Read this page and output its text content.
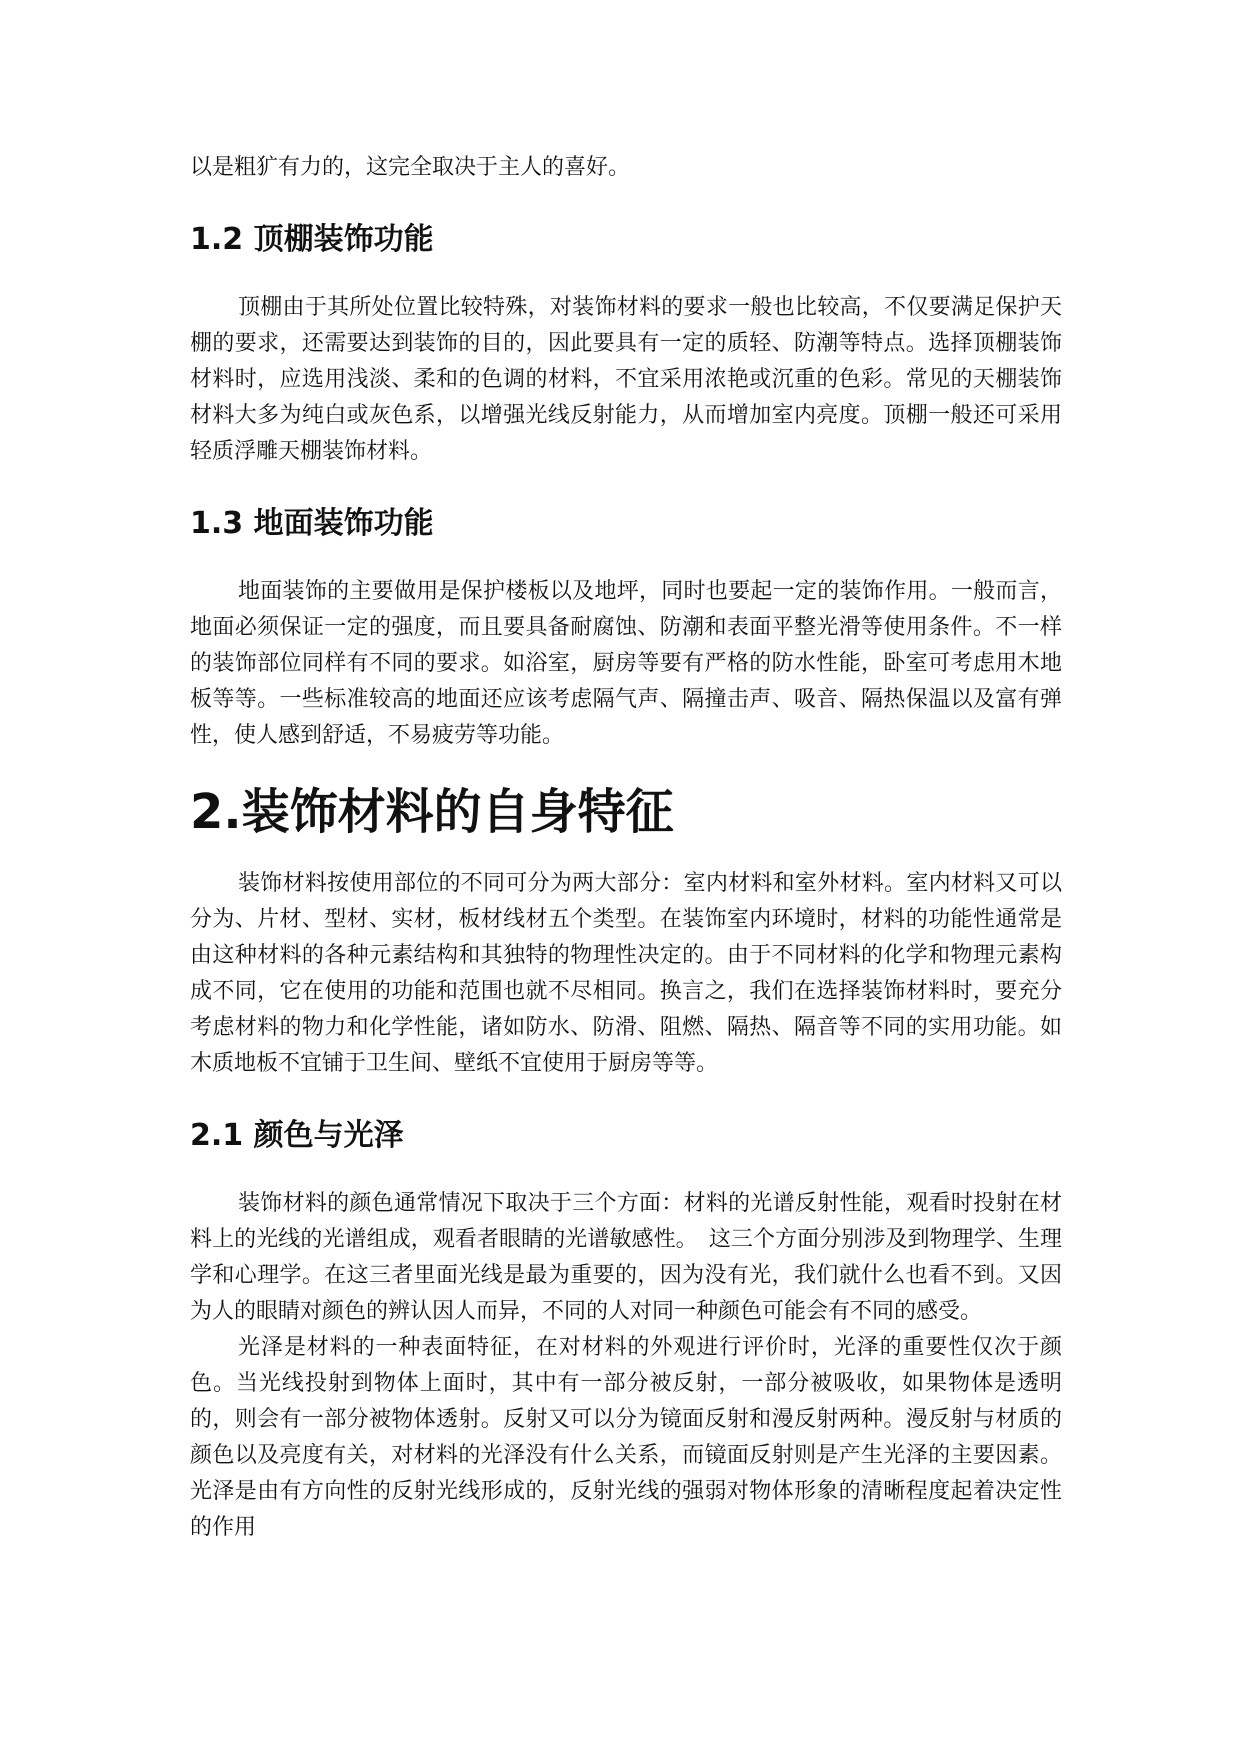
以是粗犷有力的，这完全取决于主人的喜好。

1.2 顶棚装饰功能

顶棚由于其所处位置比较特殊，对装饰材料的要求一般也比较高，不仅要满足保护天棚的要求，还需要达到装饰的目的，因此要具有一定的质轻、防潮等特点。选择顶棚装饰材料时，应选用浅淡、柔和的色调的材料，不宜采用浓艳或沉重的色彩。常见的天棚装饰材料大多为纯白或灰色系，以增强光线反射能力，从而增加室内亮度。顶棚一般还可采用轻质浮雕天棚装饰材料。

1.3 地面装饰功能

地面装饰的主要做用是保护楼板以及地坪，同时也要起一定的装饰作用。一般而言，地面必须保证一定的强度，而且要具备耐腐蚀、防潮和表面平整光滑等使用条件。不一样的装饰部位同样有不同的要求。如浴室，厨房等要有严格的防水性能，卧室可考虑用木地板等等。一些标准较高的地面还应该考虑隔气声、隔撞击声、吸音、隔热保温以及富有弹性，使人感到舒适，不易疲劳等功能。

2.装饰材料的自身特征

装饰材料按使用部位的不同可分为两大部分：室内材料和室外材料。室内材料又可以分为、片材、型材、实材，板材线材五个类型。在装饰室内环境时，材料的功能性通常是由这种材料的各种元素结构和其独特的物理性决定的。由于不同材料的化学和物理元素构成不同，它在使用的功能和范围也就不尽相同。换言之，我们在选择装饰材料时，要充分考虑材料的物力和化学性能，诸如防水、防滑、阻燃、隔热、隔音等不同的实用功能。如木质地板不宜铺于卫生间、壁纸不宜使用于厨房等等。

2.1 颜色与光泽

装饰材料的颜色通常情况下取决于三个方面：材料的光谱反射性能，观看时投射在材料上的光线的光谱组成，观看者眼睛的光谱敏感性。　这三个方面分别涉及到物理学、生理学和心理学。在这三者里面光线是最为重要的，因为没有光，我们就什么也看不到。又因为人的眼睛对颜色的辨认因人而异，不同的人对同一种颜色可能会有不同的感受。

光泽是材料的一种表面特征，在对材料的外观进行评价时，光泽的重要性仅次于颜色。当光线投射到物体上面时，其中有一部分被反射，一部分被吸收，如果物体是透明的，则会有一部分被物体透射。反射又可以分为镜面反射和漫反射两种。漫反射与材质的颜色以及亮度有关，对材料的光泽没有什么关系，而镜面反射则是产生光泽的主要因素。光泽是由有方向性的反射光线形成的，反射光线的强弱对物体形象的清晰程度起着决定性的作用
